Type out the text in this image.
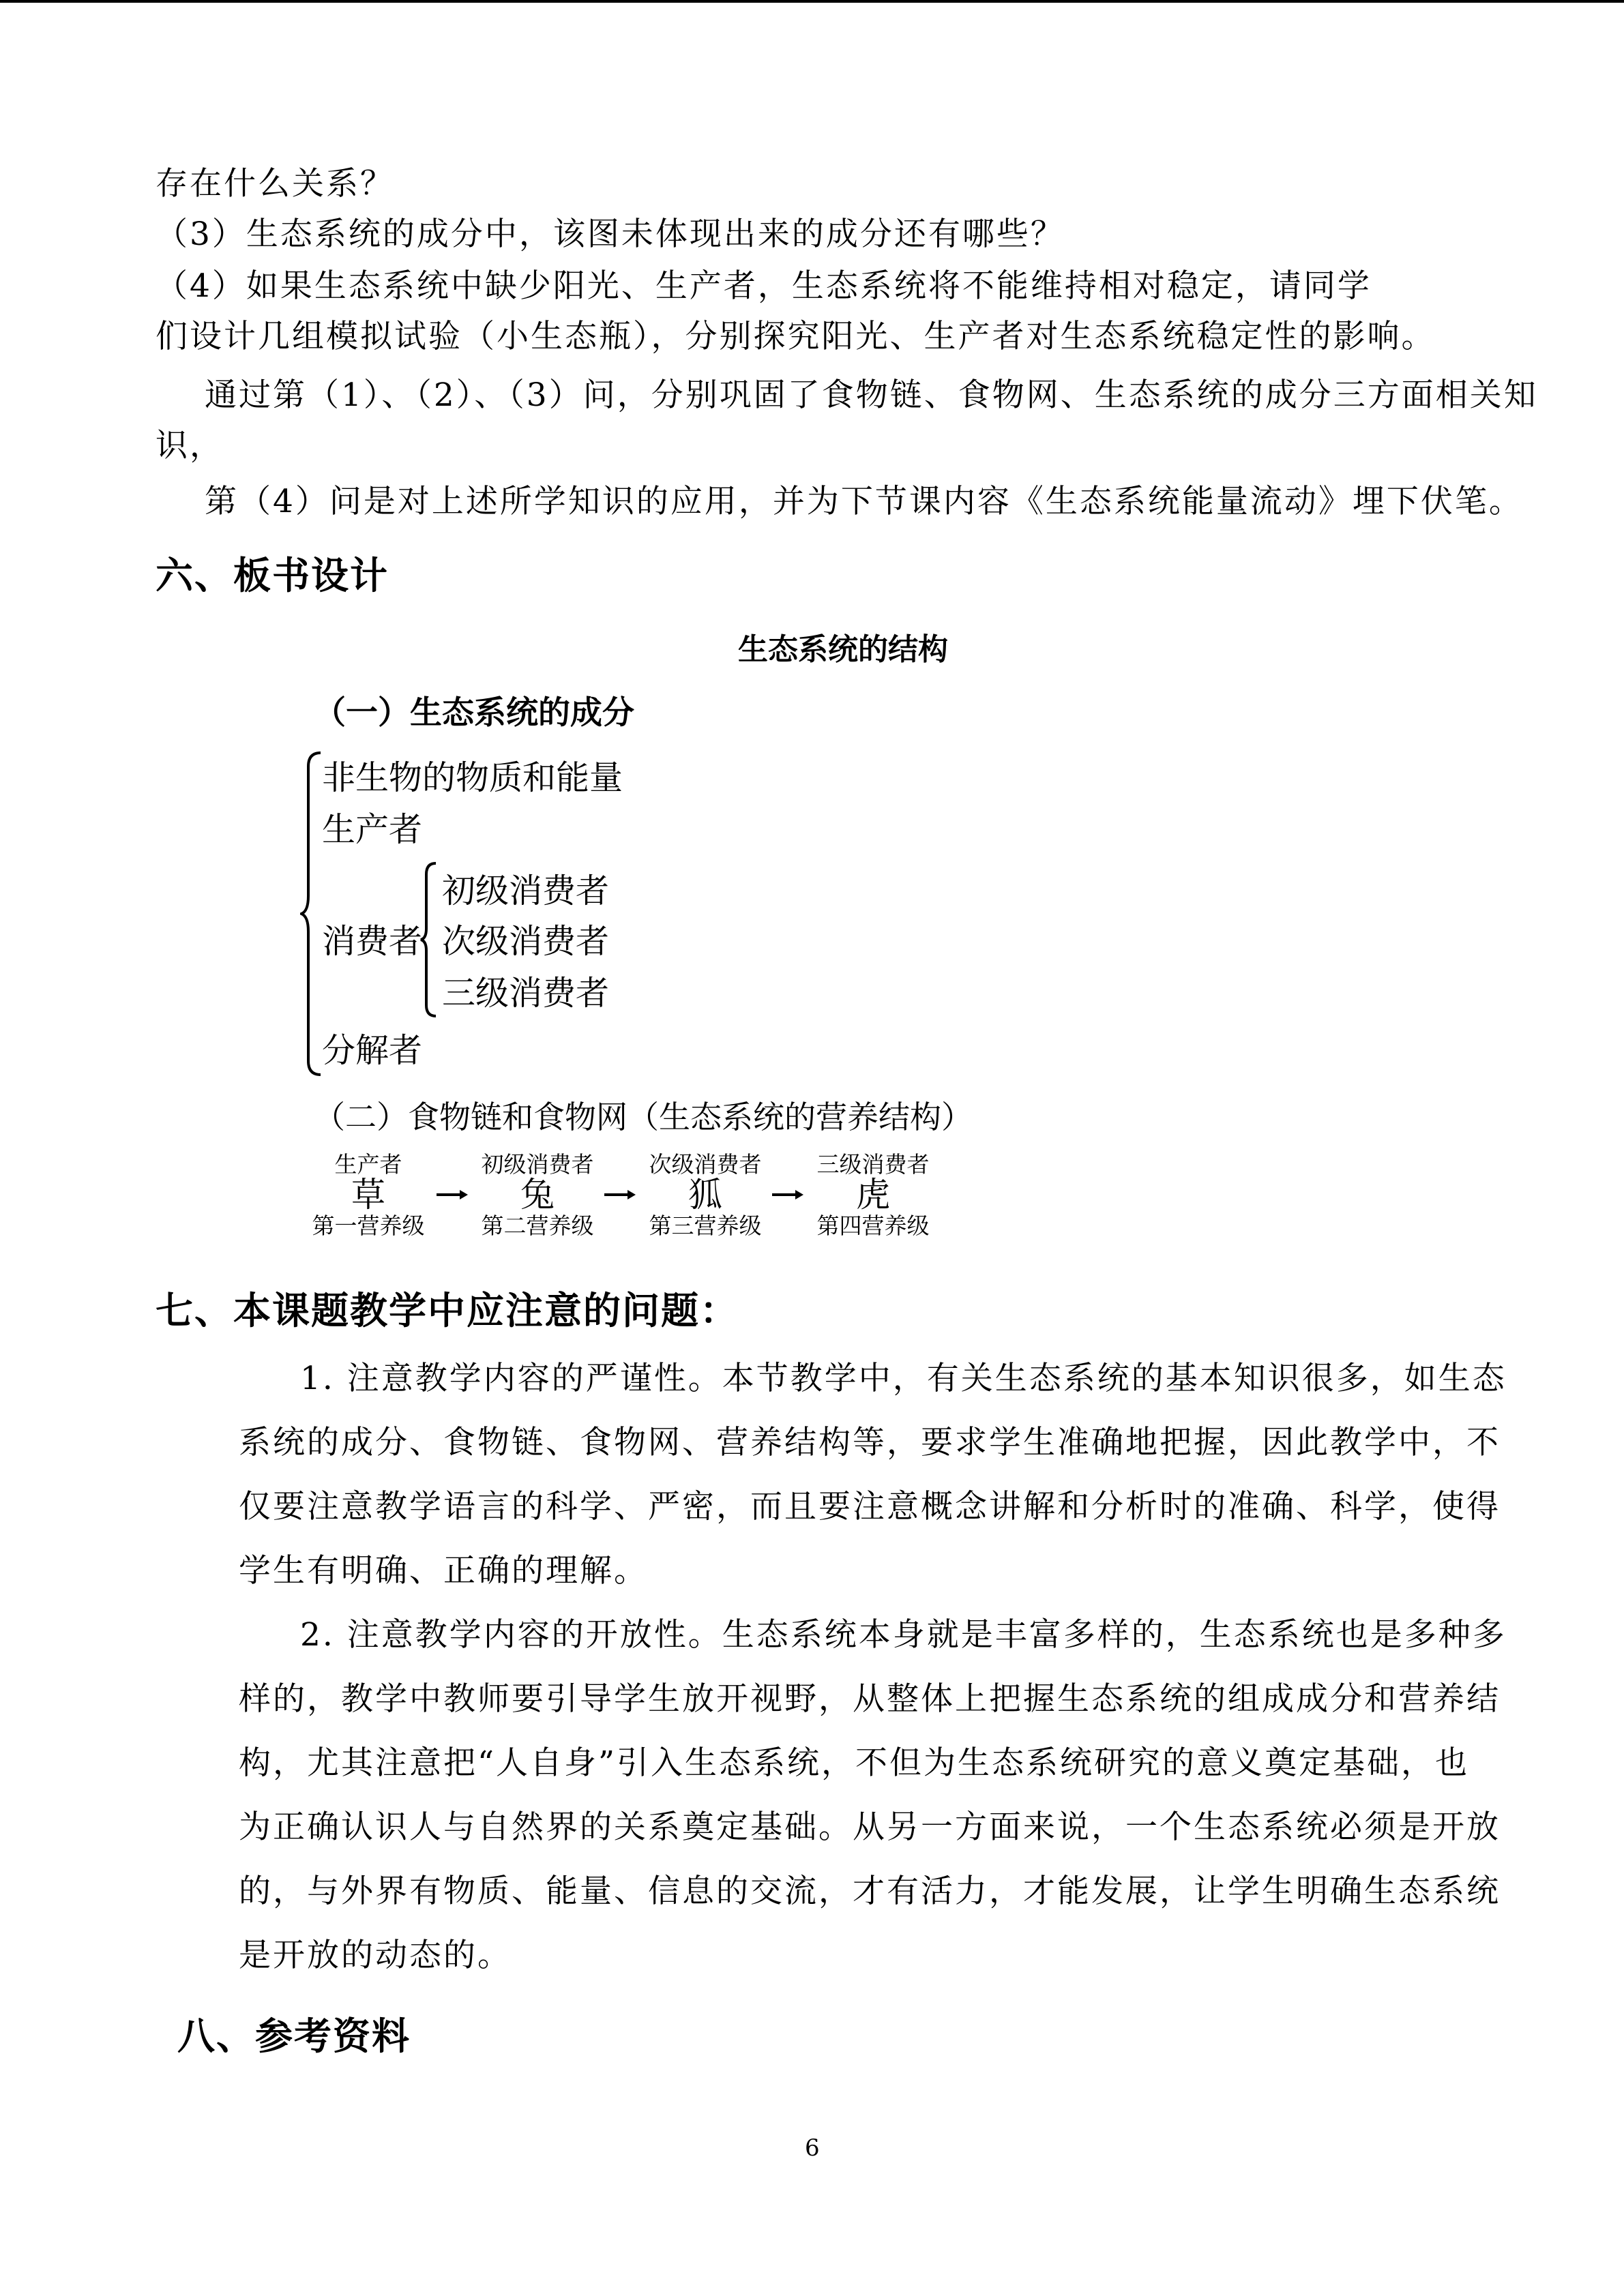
存在什么关系？
（3）生态系统的成分中，该图未体现出来的成分还有哪些？
（4）如果生态系统中缺少阳光、生产者，生态系统将不能维持相对稳定，请同学
们设计几组模拟试验（小生态瓶），分别探究阳光、生产者对生态系统稳定性的影响。
通过第（1）、（2）、（3）问，分别巩固了食物链、食物网、生态系统的成分三方面相关知
识，
第（4）问是对上述所学知识的应用，并为下节课内容《生态系统能量流动》埋下伏笔。
六、板书设计
生态系统的结构
（一）生态系统的成分
非生物的物质和能量
生产者
消费者
初级消费者
次级消费者
三级消费者
分解者
（二）食物链和食物网（生态系统的营养结构）
生产者
草
第一营养级
初级消费者
兔
第二营养级
次级消费者
狐
第三营养级
三级消费者
虎
第四营养级
七、本课题教学中应注意的问题：
1. 注意教学内容的严谨性。本节教学中，有关生态系统的基本知识很多，如生态
系统的成分、食物链、食物网、营养结构等，要求学生准确地把握，因此教学中，不
仅要注意教学语言的科学、严密，而且要注意概念讲解和分析时的准确、科学，使得
学生有明确、正确的理解。
2. 注意教学内容的开放性。生态系统本身就是丰富多样的，生态系统也是多种多
样的，教学中教师要引导学生放开视野，从整体上把握生态系统的组成成分和营养结
构，尤其注意把“人自身”引入生态系统，不但为生态系统研究的意义奠定基础，也
为正确认识人与自然界的关系奠定基础。从另一方面来说，一个生态系统必须是开放
的，与外界有物质、能量、信息的交流，才有活力，才能发展，让学生明确生态系统
是开放的动态的。
八、参考资料
6
